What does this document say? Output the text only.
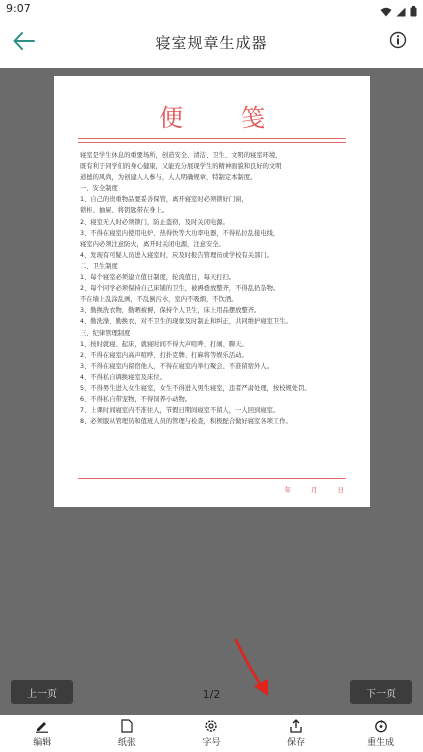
9:07
寝室规章生成器
便笺
寝室是学生休息的重要场所，创造安全、清洁、卫生、文明的寝室环境，
既有利于同学们的身心健康，又能充分展现学生的精神面貌和良好的文明
道德的风尚，为创建人人参与，人人明确规章，特制定本制度。
一、安全制度
1、自己的贵重物品要妥善保管，离开寝室时必须锁好门窗，
锁柜、抽屉、将钥匙带在身上。
2、寝室无人时必须锁门，防止盗窃，及时关闭电源。
3、不得在寝室内使用电炉、热得快等大功率电器，不得私拉乱接电线，
寝室内必须注意防火，离开时关闭电源，注意安全。
4、发现有可疑人员进入寝室时，应及时报告管理员或学校有关部门。
二、卫生制度
1、每个寝室必须建立值日制度，轮流值日，每天打扫。
2、每个同学必须保持自己床铺的卫生，被褥叠放整齐，不得乱扔杂物。
不在墙上乱涂乱画，不乱倒污水，室内不吸烟，不饮酒。
3、勤换洗衣物，勤晒被褥，保持个人卫生，床上用品摆放整齐。
4、勤洗澡、勤换衣，对不卫生的现象及时制止和纠正，共同维护寝室卫生。
三、纪律管理制度
1、按时就寝、起床，就寝时间不得大声喧哗、打闹、聊天。
2、不得在寝室内高声喧哗、打扑克牌、打麻将等娱乐活动。
3、不得在寝室内留宿他人，不得在寝室内举行聚会、不准留宿外人。
4、不得私自调换寝室及床位。
5、不得男生进入女生寝室，女生不得进入男生寝室，违者严肃处理，按校规处罚。
6、不得私自带宠物，不得饲养小动物。
7、上课时间寝室内不准住人，节假日期间寝室不留人，一人回到寝室。
8、必须服从管理员和值班人员的管理与检查，积极配合做好寝室各项工作。
年	月	日
上一页	1/2	下一页
编辑	纸张	字号	保存	重生成
